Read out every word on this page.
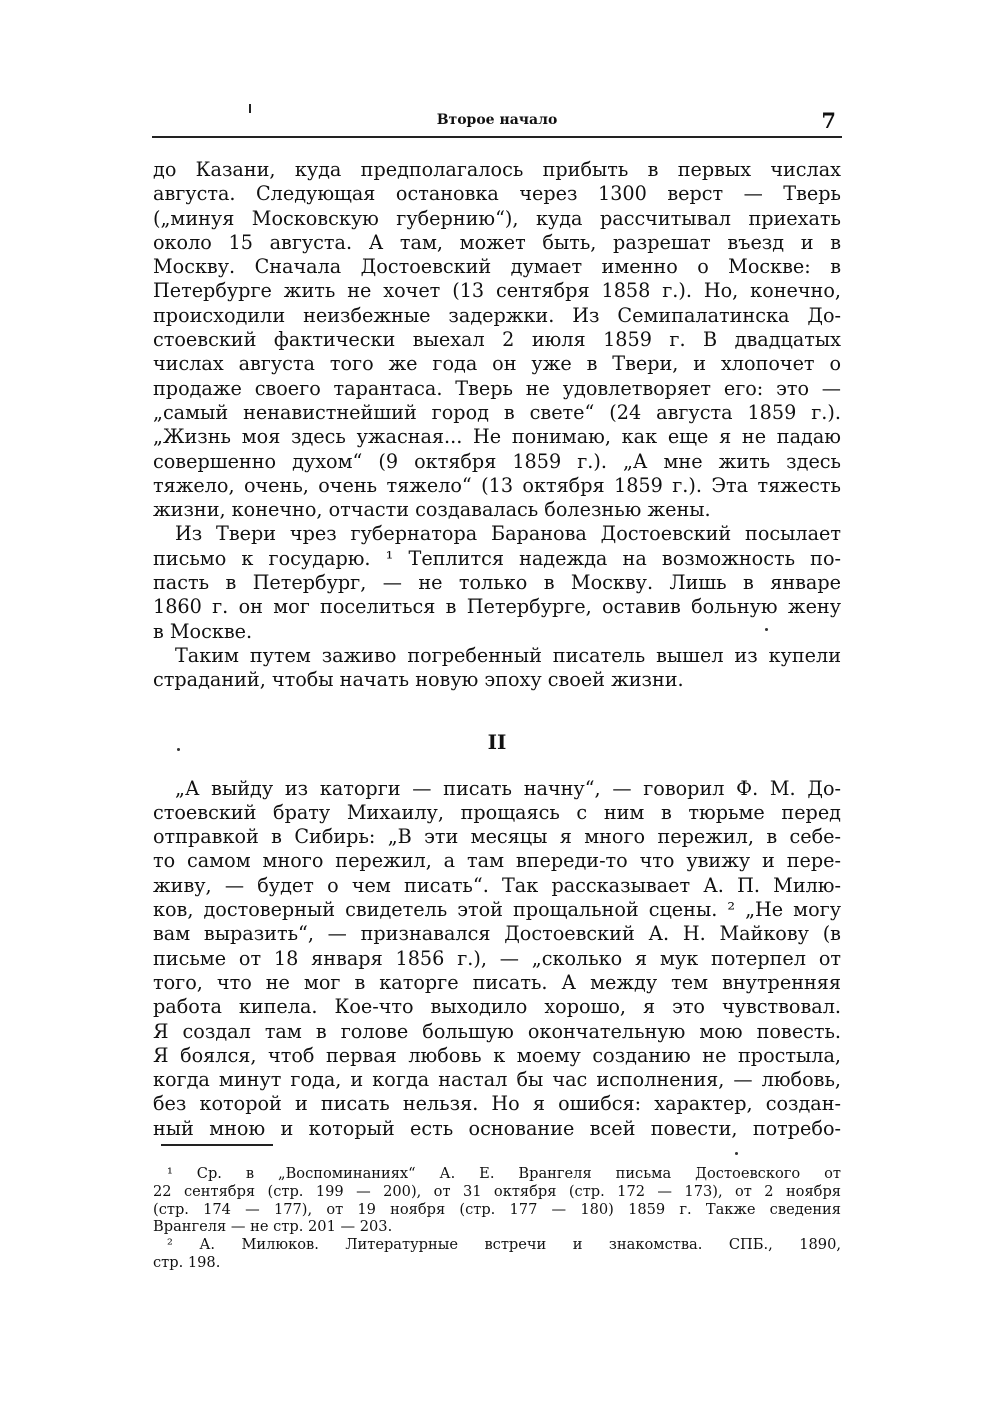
Второе начало	7
до Казани, куда предполагалось прибыть в первых числах
августа. Следующая остановка через 1300 верст — Тверь
(„минуя Московскую губернию“), куда рассчитывал приехать
около 15 августа. А там, может быть, разрешат въезд и в
Москву. Сначала Достоевский думает именно о Москве: в
Петербурге жить не хочет (13 сентября 1858 г.). Но, конечно,
происходили неизбежные задержки. Из Семипалатинска До-
стоевский фактически выехал 2 июля 1859 г. В двадцатых
числах августа того же года он уже в Твери, и хлопочет о
продаже своего тарантаса. Тверь не удовлетворяет его: это —
„самый ненавистнейший город в свете“ (24 августа 1859 г.).
„Жизнь моя здесь ужасная... Не понимаю, как еще я не падаю
совершенно духом“ (9 октября 1859 г.). „А мне жить здесь
тяжело, очень, очень тяжело“ (13 октября 1859 г.). Эта тяжесть
жизни, конечно, отчасти создавалась болезнью жены.
Из Твери чрез губернатора Баранова Достоевский посылает
письмо к государю. ¹ Теплится надежда на возможность по-
пасть в Петербург, — не только в Москву. Лишь в январе
1860 г. он мог поселиться в Петербурге, оставив больную жену
в Москве.
Таким путем заживо погребенный писатель вышел из купели
страданий, чтобы начать новую эпоху своей жизни.
II
„А выйду из каторги — писать начну“, — говорил Ф. М. До-
стоевский брату Михаилу, прощаясь с ним в тюрьме перед
отправкой в Сибирь: „В эти месяцы я много пережил, в себе-
то самом много пережил, а там впереди-то что увижу и пере-
живу, — будет о чем писать“. Так рассказывает А. П. Милю-
ков, достоверный свидетель этой прощальной сцены. ² „Не могу
вам выразить“, — признавался Достоевский А. Н. Майкову (в
письме от 18 января 1856 г.), — „сколько я мук потерпел от
того, что не мог в каторге писать. А между тем внутренняя
работа кипела. Кое-что выходило хорошо, я это чувствовал.
Я создал там в голове большую окончательную мою повесть.
Я боялся, чтоб первая любовь к моему созданию не простыла,
когда минут года, и когда настал бы час исполнения, — любовь,
без которой и писать нельзя. Но я ошибся: характер, создан-
ный мною и который есть основание всей повести, потребо-
¹ Ср. в „Воспоминаниях“ А. Е. Врангеля письма Достоевского от
22 сентября (стр. 199 — 200), от 31 октября (стр. 172 — 173), от 2 ноября
(стр. 174 — 177), от 19 ноября (стр. 177 — 180) 1859 г. Также сведения
Врангеля — не стр. 201 — 203.
² А. Милюков. Литературные встречи и знакомства. СПБ., 1890,
стр. 198.
